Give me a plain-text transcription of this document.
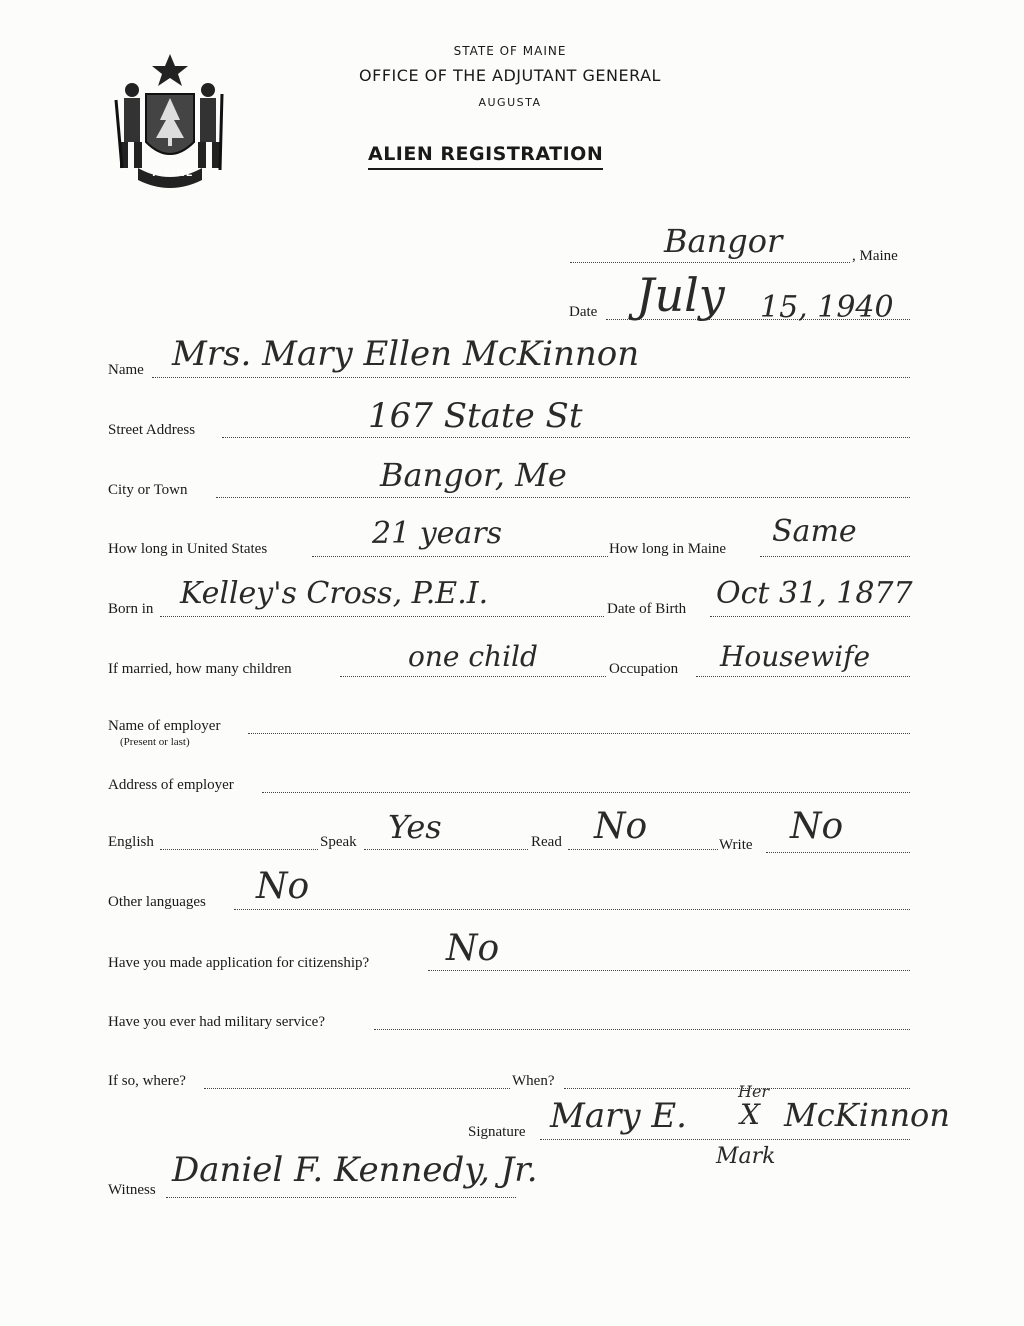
MAINE
STATE OF MAINE
OFFICE OF THE ADJUTANT GENERAL
AUGUSTA
ALIEN REGISTRATION
Bangor	, Maine
Date July 15, 1940
Name Mrs. Mary Ellen McKinnon
Street Address	167 State St
City or Town	Bangor, Me
How long in United States	21 years	How long in Maine Same
Born in Kelley's Cross, P.E.I.	Date of Birth Oct 31, 1877
If married, how many children	one child	Occupation Housewife
Name of employer
(Present or last)
Address of employer
English	Speak Yes	Read No	Write No
Other languages No
Have you made application for citizenship? No
Have you ever had military service?
If so, where?	When?
Signature Mary E.
Her
X McKinnon
Mark
Witness Daniel F. Kennedy, Jr.
